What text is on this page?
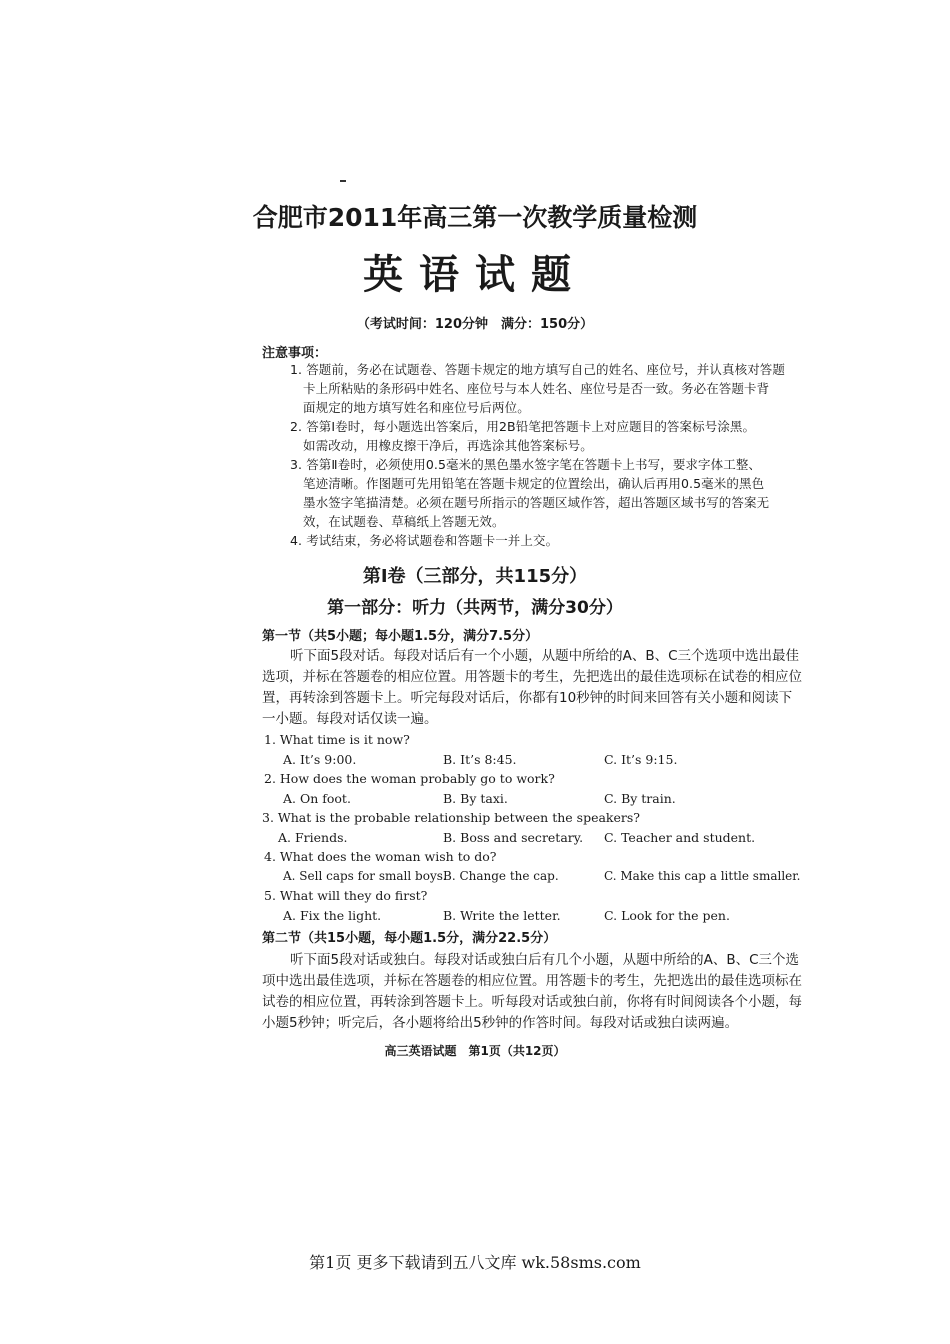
合肥市2011年高三第一次教学质量检测
英语试题
（考试时间：120分钟　满分：150分）
注意事项：
1. 答题前，务必在试题卷、答题卡规定的地方填写自己的姓名、座位号，并认真核对答题
卡上所粘贴的条形码中姓名、座位号与本人姓名、座位号是否一致。务必在答题卡背
面规定的地方填写姓名和座位号后两位。
2. 答第Ⅰ卷时，每小题选出答案后，用2B铅笔把答题卡上对应题目的答案标号涂黑。
如需改动，用橡皮擦干净后，再选涂其他答案标号。
3. 答第Ⅱ卷时，必须使用0.5毫米的黑色墨水签字笔在答题卡上书写，要求字体工整、
笔迹清晰。作图题可先用铅笔在答题卡规定的位置绘出，确认后再用0.5毫米的黑色
墨水签字笔描清楚。必须在题号所指示的答题区域作答，超出答题区域书写的答案无
效，在试题卷、草稿纸上答题无效。
4. 考试结束，务必将试题卷和答题卡一并上交。
第Ⅰ卷（三部分，共115分）
第一部分：听力（共两节，满分30分）
第一节（共5小题；每小题1.5分，满分7.5分）
听下面5段对话。每段对话后有一个小题，从题中所给的A、B、C三个选项中选出最佳
选项，并标在答题卷的相应位置。用答题卡的考生，先把选出的最佳选项标在试卷的相应位
置，再转涂到答题卡上。听完每段对话后，你都有10秒钟的时间来回答有关小题和阅读下
一小题。每段对话仅读一遍。
1. What time is it now?
A. It’s 9:00.	B. It’s 8:45.	C. It’s 9:15.
2. How does the woman probably go to work?
A. On foot.	B. By taxi.	C. By train.
3. What is the probable relationship between the speakers?
A. Friends.	B. Boss and secretary. C. Teacher and student.
4. What does the woman wish to do?
A. Sell caps for small boys.
B. Change the cap.	C. Make this cap a little smaller.
5. What will they do first?
A. Fix the light.	B. Write the letter.	C. Look for the pen.
第二节（共15小题，每小题1.5分，满分22.5分）
听下面5段对话或独白。每段对话或独白后有几个小题，从题中所给的A、B、C三个选
项中选出最佳选项，并标在答题卷的相应位置。用答题卡的考生，先把选出的最佳选项标在
试卷的相应位置，再转涂到答题卡上。听每段对话或独白前，你将有时间阅读各个小题，每
小题5秒钟；听完后，各小题将给出5秒钟的作答时间。每段对话或独白读两遍。
高三英语试题　第1页（共12页）
第1页 更多下载请到五八文库 wk.58sms.com
